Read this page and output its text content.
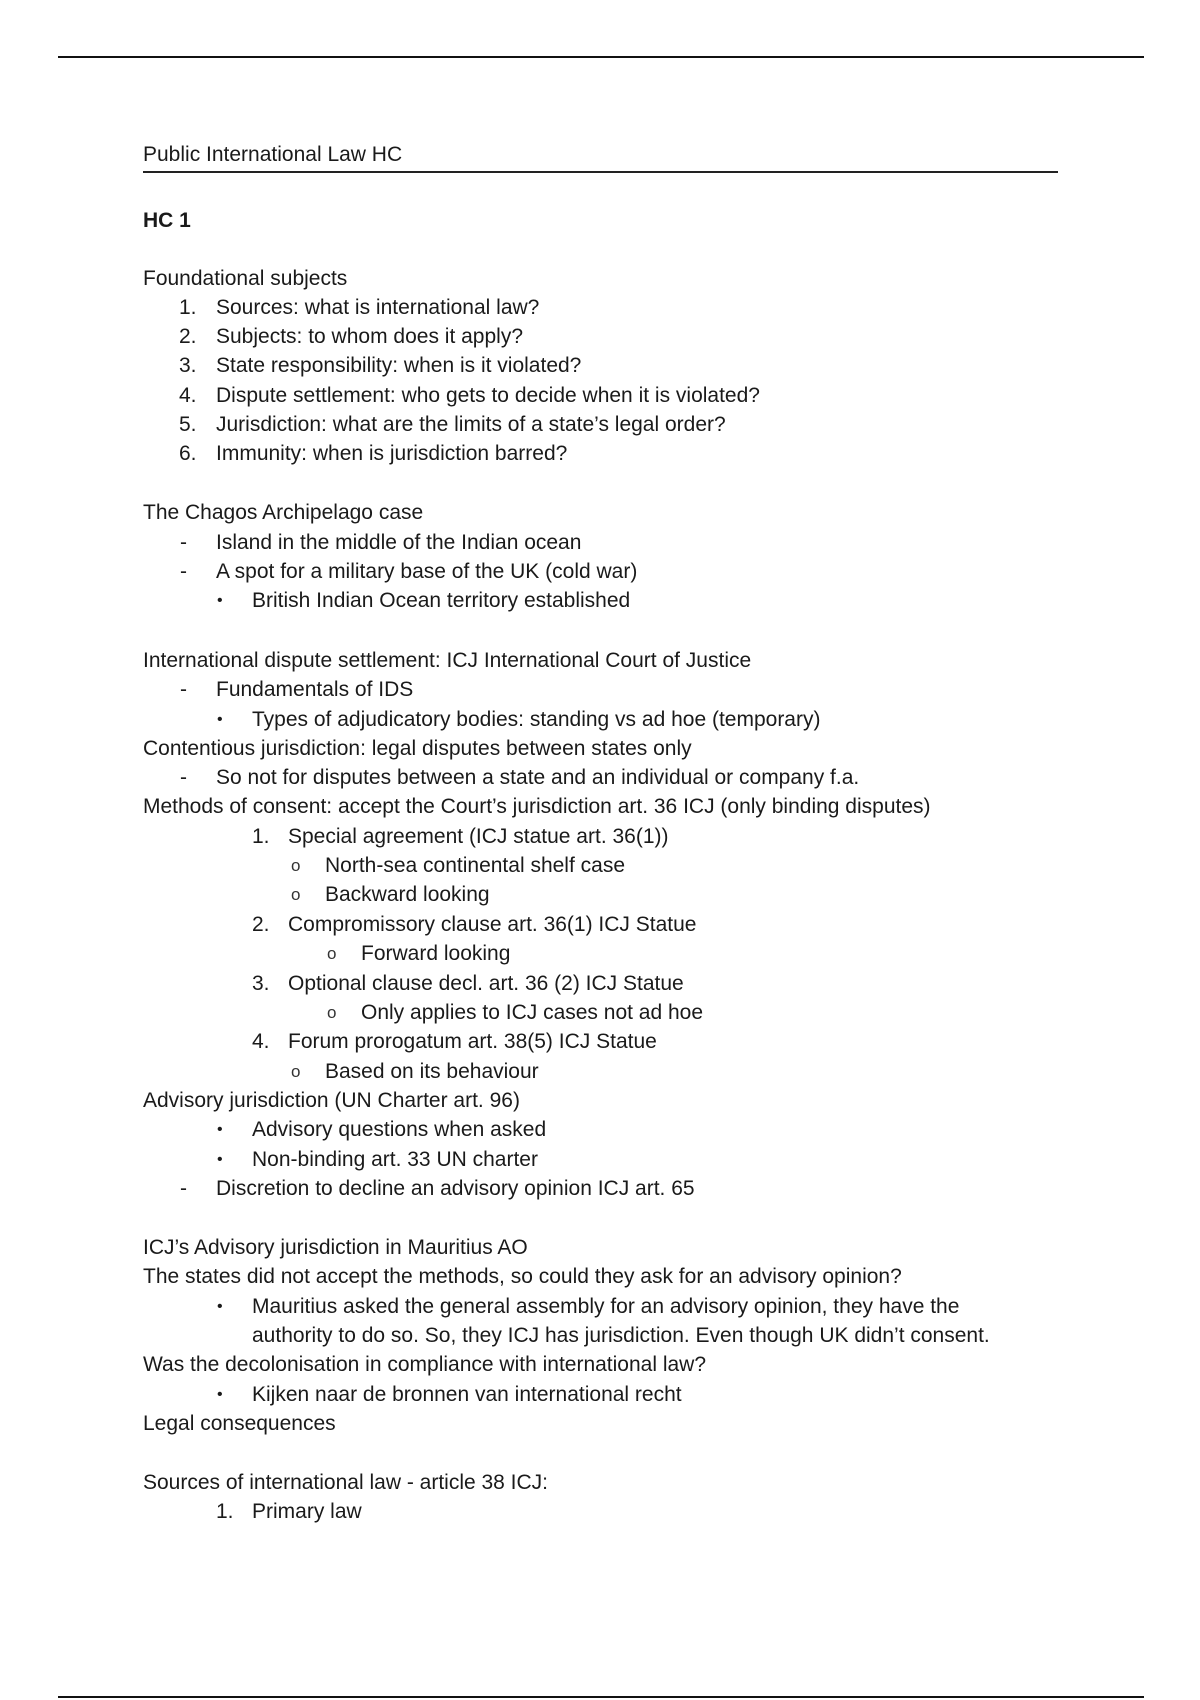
Public International Law HC
HC 1
Foundational subjects
1. Sources: what is international law?
2. Subjects: to whom does it apply?
3. State responsibility: when is it violated?
4. Dispute settlement: who gets to decide when it is violated?
5. Jurisdiction: what are the limits of a state’s legal order?
6. Immunity: when is jurisdiction barred?
The Chagos Archipelago case
- Island in the middle of the Indian ocean
- A spot for a military base of the UK (cold war)
• British Indian Ocean territory established
International dispute settlement: ICJ International Court of Justice
- Fundamentals of IDS
• Types of adjudicatory bodies: standing vs ad hoe (temporary)
Contentious jurisdiction: legal disputes between states only
- So not for disputes between a state and an individual or company f.a.
Methods of consent: accept the Court’s jurisdiction art. 36 ICJ (only binding disputes)
1. Special agreement (ICJ statue art. 36(1))
o North-sea continental shelf case
o Backward looking
2. Compromissory clause art. 36(1) ICJ Statue
o Forward looking
3. Optional clause decl. art. 36 (2) ICJ Statue
o Only applies to ICJ cases not ad hoe
4. Forum prorogatum art. 38(5) ICJ Statue
o Based on its behaviour
Advisory jurisdiction (UN Charter art. 96)
• Advisory questions when asked
• Non-binding art. 33 UN charter
- Discretion to decline an advisory opinion ICJ art. 65
ICJ’s Advisory jurisdiction in Mauritius AO
The states did not accept the methods, so could they ask for an advisory opinion?
• Mauritius asked the general assembly for an advisory opinion, they have the
authority to do so. So, they ICJ has jurisdiction. Even though UK didn’t consent.
Was the decolonisation in compliance with international law?
• Kijken naar de bronnen van international recht
Legal consequences
Sources of international law - article 38 ICJ:
1. Primary law
